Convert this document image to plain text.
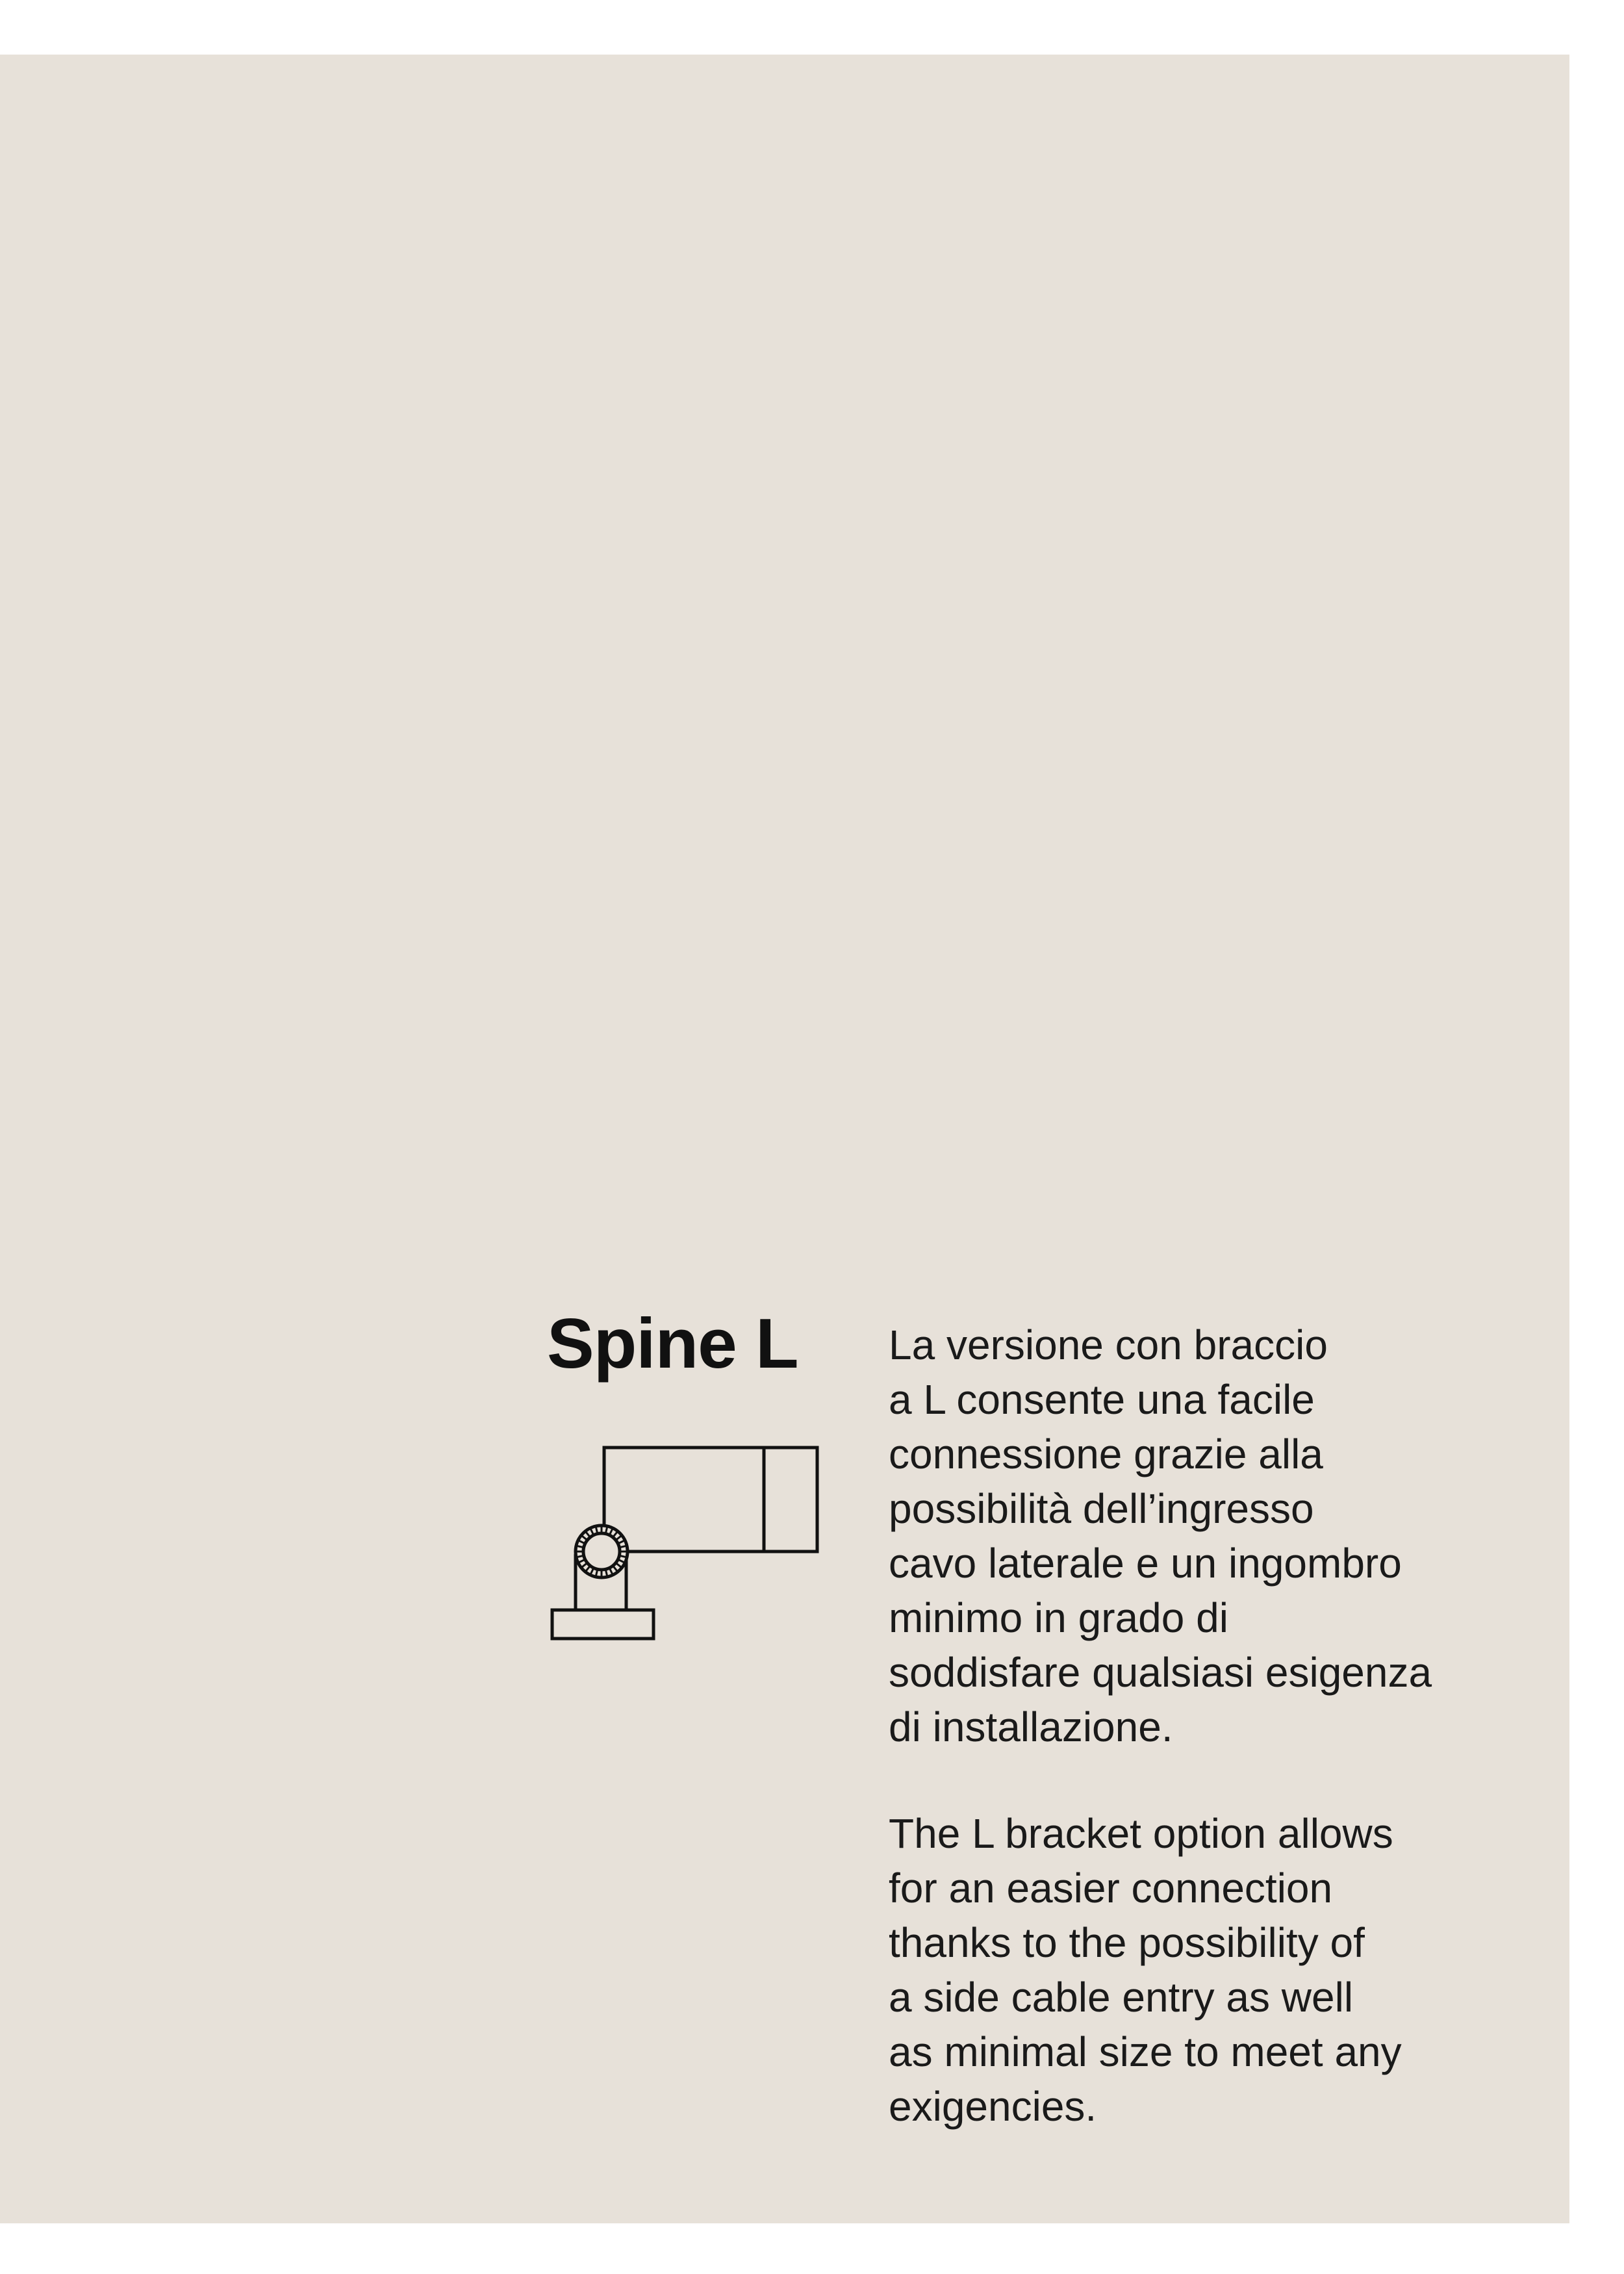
Spine L La versione con braccio
a L consente una facile
connessione grazie alla
possibilità dell’ingresso
cavo laterale e un ingombro
minimo in grado di
soddisfare qualsiasi esigenza
di installazione.

The L bracket option allows
for an easier connection
thanks to the possibility of
a side cable entry as well
as minimal size to meet any
exigencies.
